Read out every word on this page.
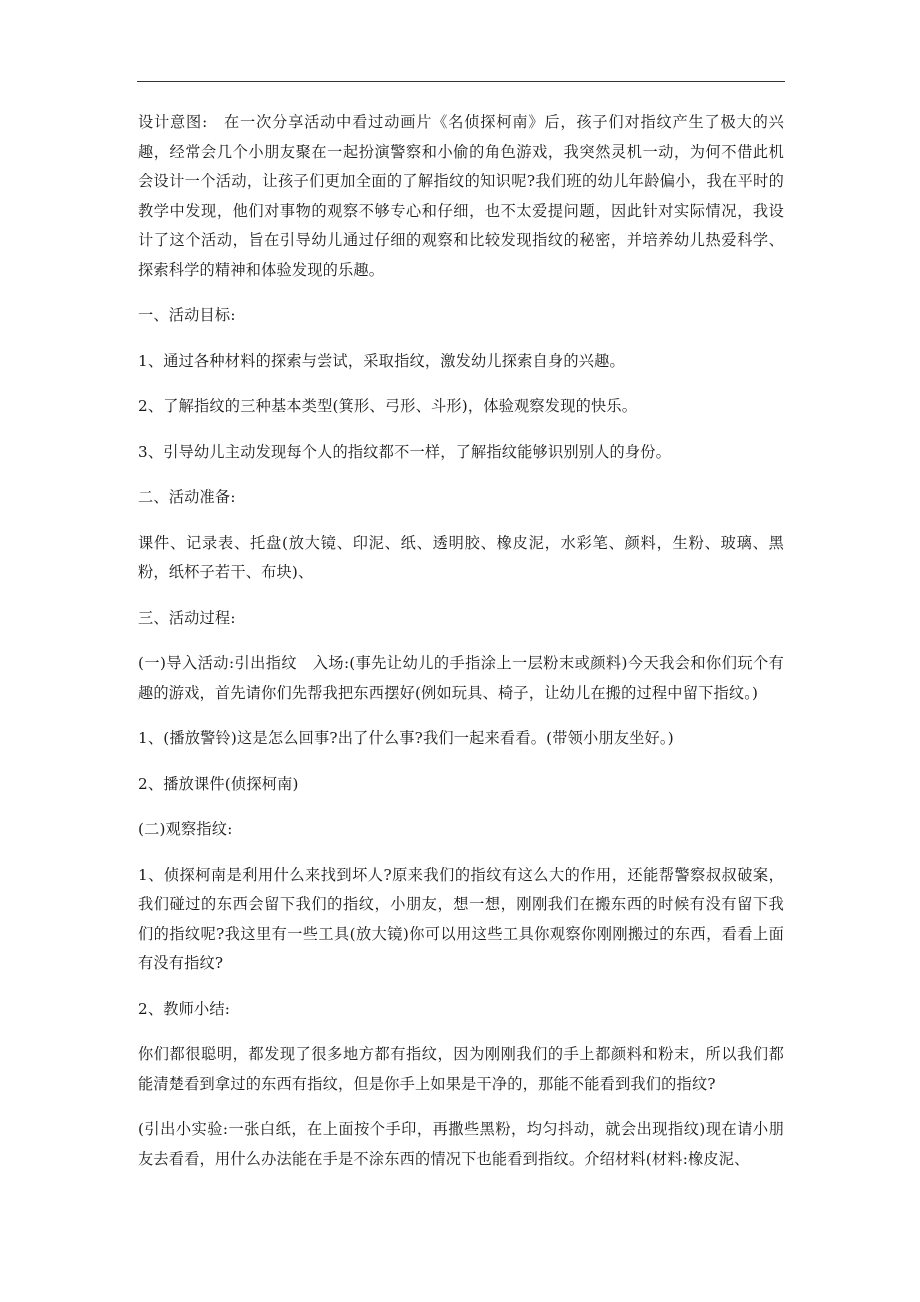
设计意图:　在一次分享活动中看过动画片《名侦探柯南》后，孩子们对指纹产生了极大的兴趣，经常会几个小朋友聚在一起扮演警察和小偷的角色游戏，我突然灵机一动，为何不借此机会设计一个活动，让孩子们更加全面的了解指纹的知识呢?我们班的幼儿年龄偏小，我在平时的教学中发现，他们对事物的观察不够专心和仔细，也不太爱提问题，因此针对实际情况，我设计了这个活动，旨在引导幼儿通过仔细的观察和比较发现指纹的秘密，并培养幼儿热爱科学、探索科学的精神和体验发现的乐趣。

一、活动目标:

1、通过各种材料的探索与尝试，采取指纹，激发幼儿探索自身的兴趣。

2、了解指纹的三种基本类型(箕形、弓形、斗形)，体验观察发现的快乐。

3、引导幼儿主动发现每个人的指纹都不一样，了解指纹能够识别别人的身份。

二、活动准备:

课件、记录表、托盘(放大镜、印泥、纸、透明胶、橡皮泥，水彩笔、颜料，生粉、玻璃、黑粉，纸杯子若干、布块)、

三、活动过程:

(一)导入活动:引出指纹　入场:(事先让幼儿的手指涂上一层粉末或颜料)今天我会和你们玩个有趣的游戏，首先请你们先帮我把东西摆好(例如玩具、椅子，让幼儿在搬的过程中留下指纹。)

1、(播放警铃)这是怎么回事?出了什么事?我们一起来看看。(带领小朋友坐好。)

2、播放课件(侦探柯南)

(二)观察指纹:

1、侦探柯南是利用什么来找到坏人?原来我们的指纹有这么大的作用，还能帮警察叔叔破案，我们碰过的东西会留下我们的指纹，小朋友，想一想，刚刚我们在搬东西的时候有没有留下我们的指纹呢?我这里有一些工具(放大镜)你可以用这些工具你观察你刚刚搬过的东西，看看上面有没有指纹?

2、教师小结:

你们都很聪明，都发现了很多地方都有指纹，因为刚刚我们的手上都颜料和粉末，所以我们都能清楚看到拿过的东西有指纹，但是你手上如果是干净的，那能不能看到我们的指纹?

(引出小实验:一张白纸，在上面按个手印，再撒些黑粉，均匀抖动，就会出现指纹)现在请小朋友去看看，用什么办法能在手是不涂东西的情况下也能看到指纹。介绍材料(材料:橡皮泥、
